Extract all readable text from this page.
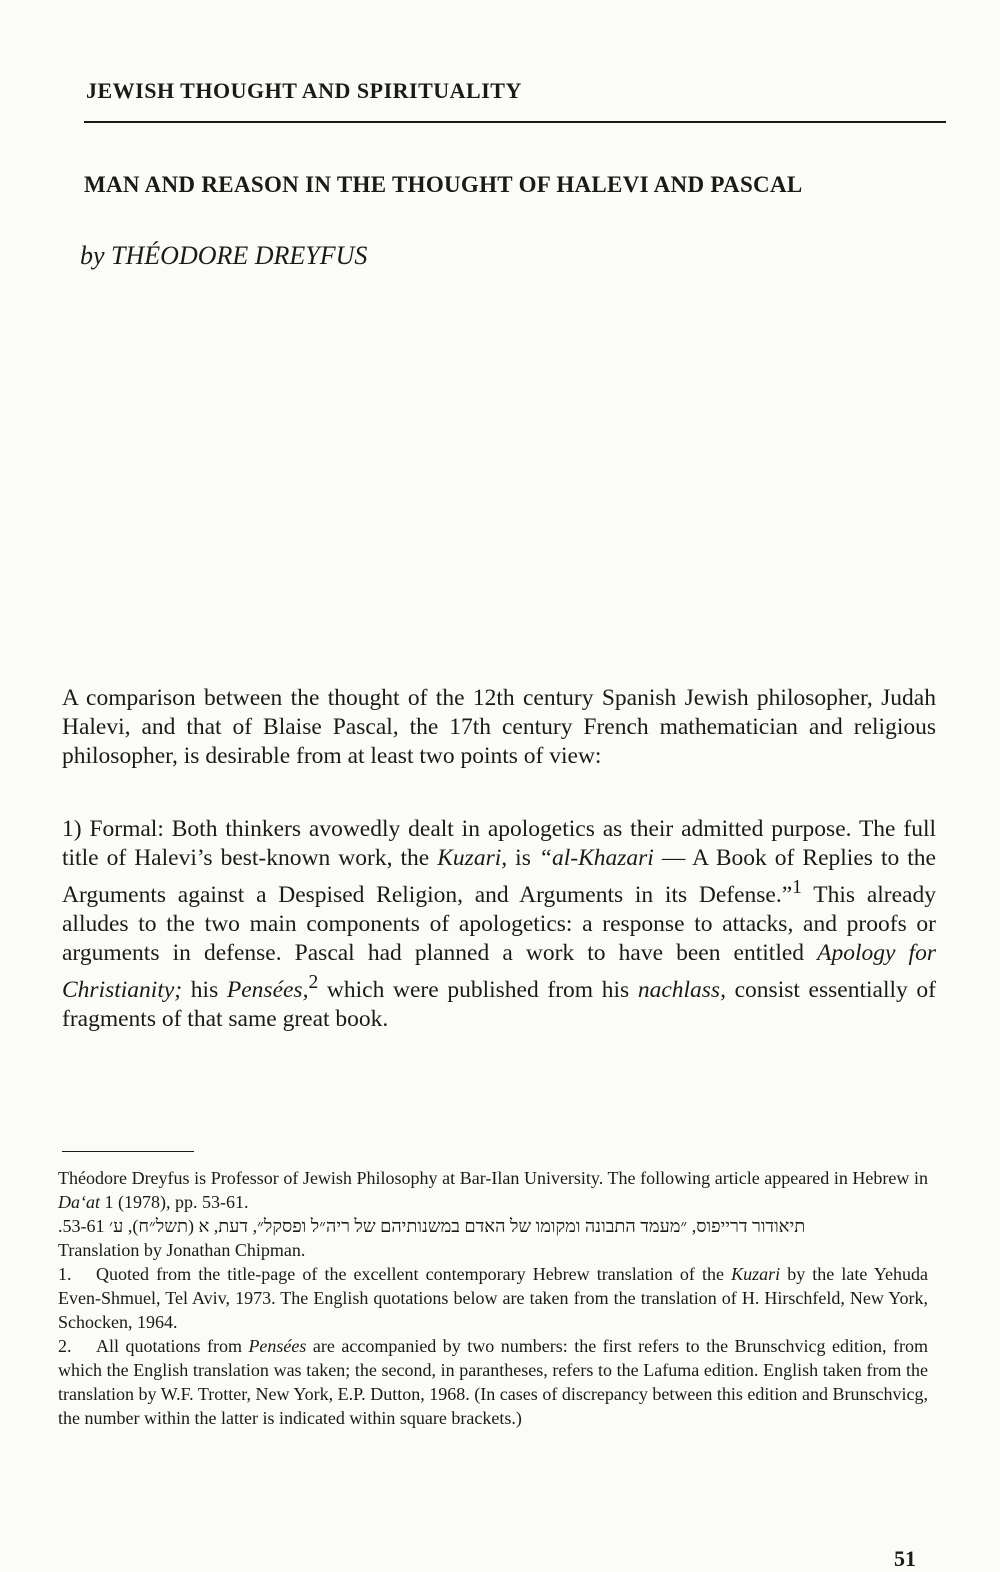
JEWISH THOUGHT AND SPIRITUALITY
MAN AND REASON IN THE THOUGHT OF HALEVI AND PASCAL
by THÉODORE DREYFUS

A comparison between the thought of the 12th century Spanish Jewish philosopher, Judah Halevi, and that of Blaise Pascal, the 17th century French mathematician and religious philosopher, is desirable from at least two points of view:

1) Formal: Both thinkers avowedly dealt in apologetics as their admitted purpose. The full title of Halevi’s best-known work, the Kuzari, is “al-Khazari — A Book of Replies to the Arguments against a Despised Religion, and Arguments in its Defense.”$^1$ This already alludes to the two main components of apologetics: a response to attacks, and proofs or arguments in defense. Pascal had planned a work to have been entitled Apology for Christianity; his Pensées,$^2$ which were published from his nachlass, consist essentially of fragments of that same great book.

Théodore Dreyfus is Professor of Jewish Philosophy at Bar-Ilan University. The following article appeared in Hebrew in Da‘at 1 (1978), pp. 53-61.
תיאודור דרייפוס, ״מעמד התבונה ומקומו של האדם במשנותיהם של ריה״ל ופסקל״, דעת, א (תשל״ח), ע׳ 53-61.

Translation by Jonathan Chipman.

1. Quoted from the title-page of the excellent contemporary Hebrew translation of the Kuzari by the late Yehuda Even-Shmuel, Tel Aviv, 1973. The English quotations below are taken from the translation of H. Hirschfeld, New York, Schocken, 1964.

2. All quotations from Pensées are accompanied by two numbers: the first refers to the Brunschvicg edition, from which the English translation was taken; the second, in parantheses, refers to the Lafuma edition. English taken from the translation by W.F. Trotter, New York, E.P. Dutton, 1968. (In cases of discrepancy between this edition and Brunschvicg, the number within the latter is indicated within square brackets.)

51
